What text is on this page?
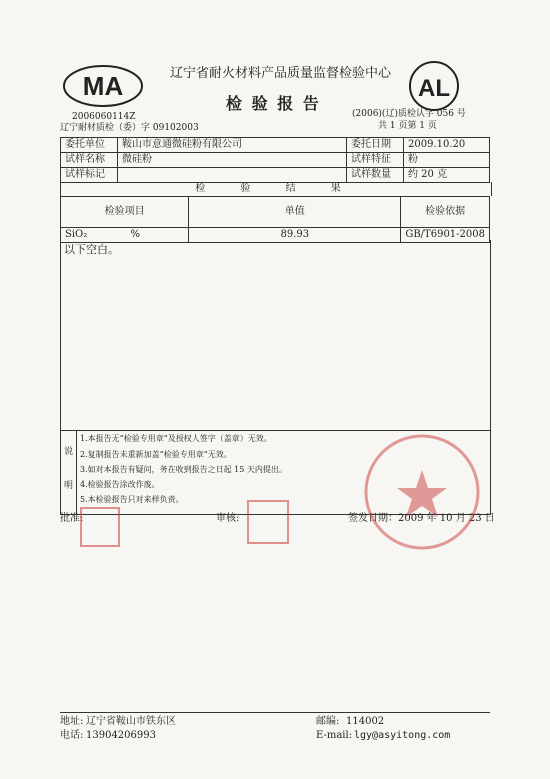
MA	AL
辽宁省耐火材料产品质量监督检验中心
检 验 报 告
2006060114Z	(2006)(辽)质检认字 056 号
辽宁耐材质检（委）字 09102003	共 1 页第 1 页
委托单位	鞍山市意通微硅粉有限公司	委托日期	2009.10.20
试样名称	微硅粉	试样特征	粉
试样标记		试样数量	约 20 克
检 验 结 果
检验项目	单值	检验依据
SiO₂ %	89.93	GB/T6901-2008
以下空白。
说
明
1.本报告无“检验专用章”及授权人签字（盖章）无效。
2.复制报告未重新加盖“检验专用章”无效。
3.如对本报告有疑问，务在收到报告之日起 15 天内提出。
4.检验报告涂改作废。
5.本检验报告只对来样负责。
批准:	审核:	签发日期： 2009 年 10 月 23 日
地址: 辽宁省鞍山市铁东区	邮编: 114002
电话: 13904206993	E-mail: lgy@asyitong.com
